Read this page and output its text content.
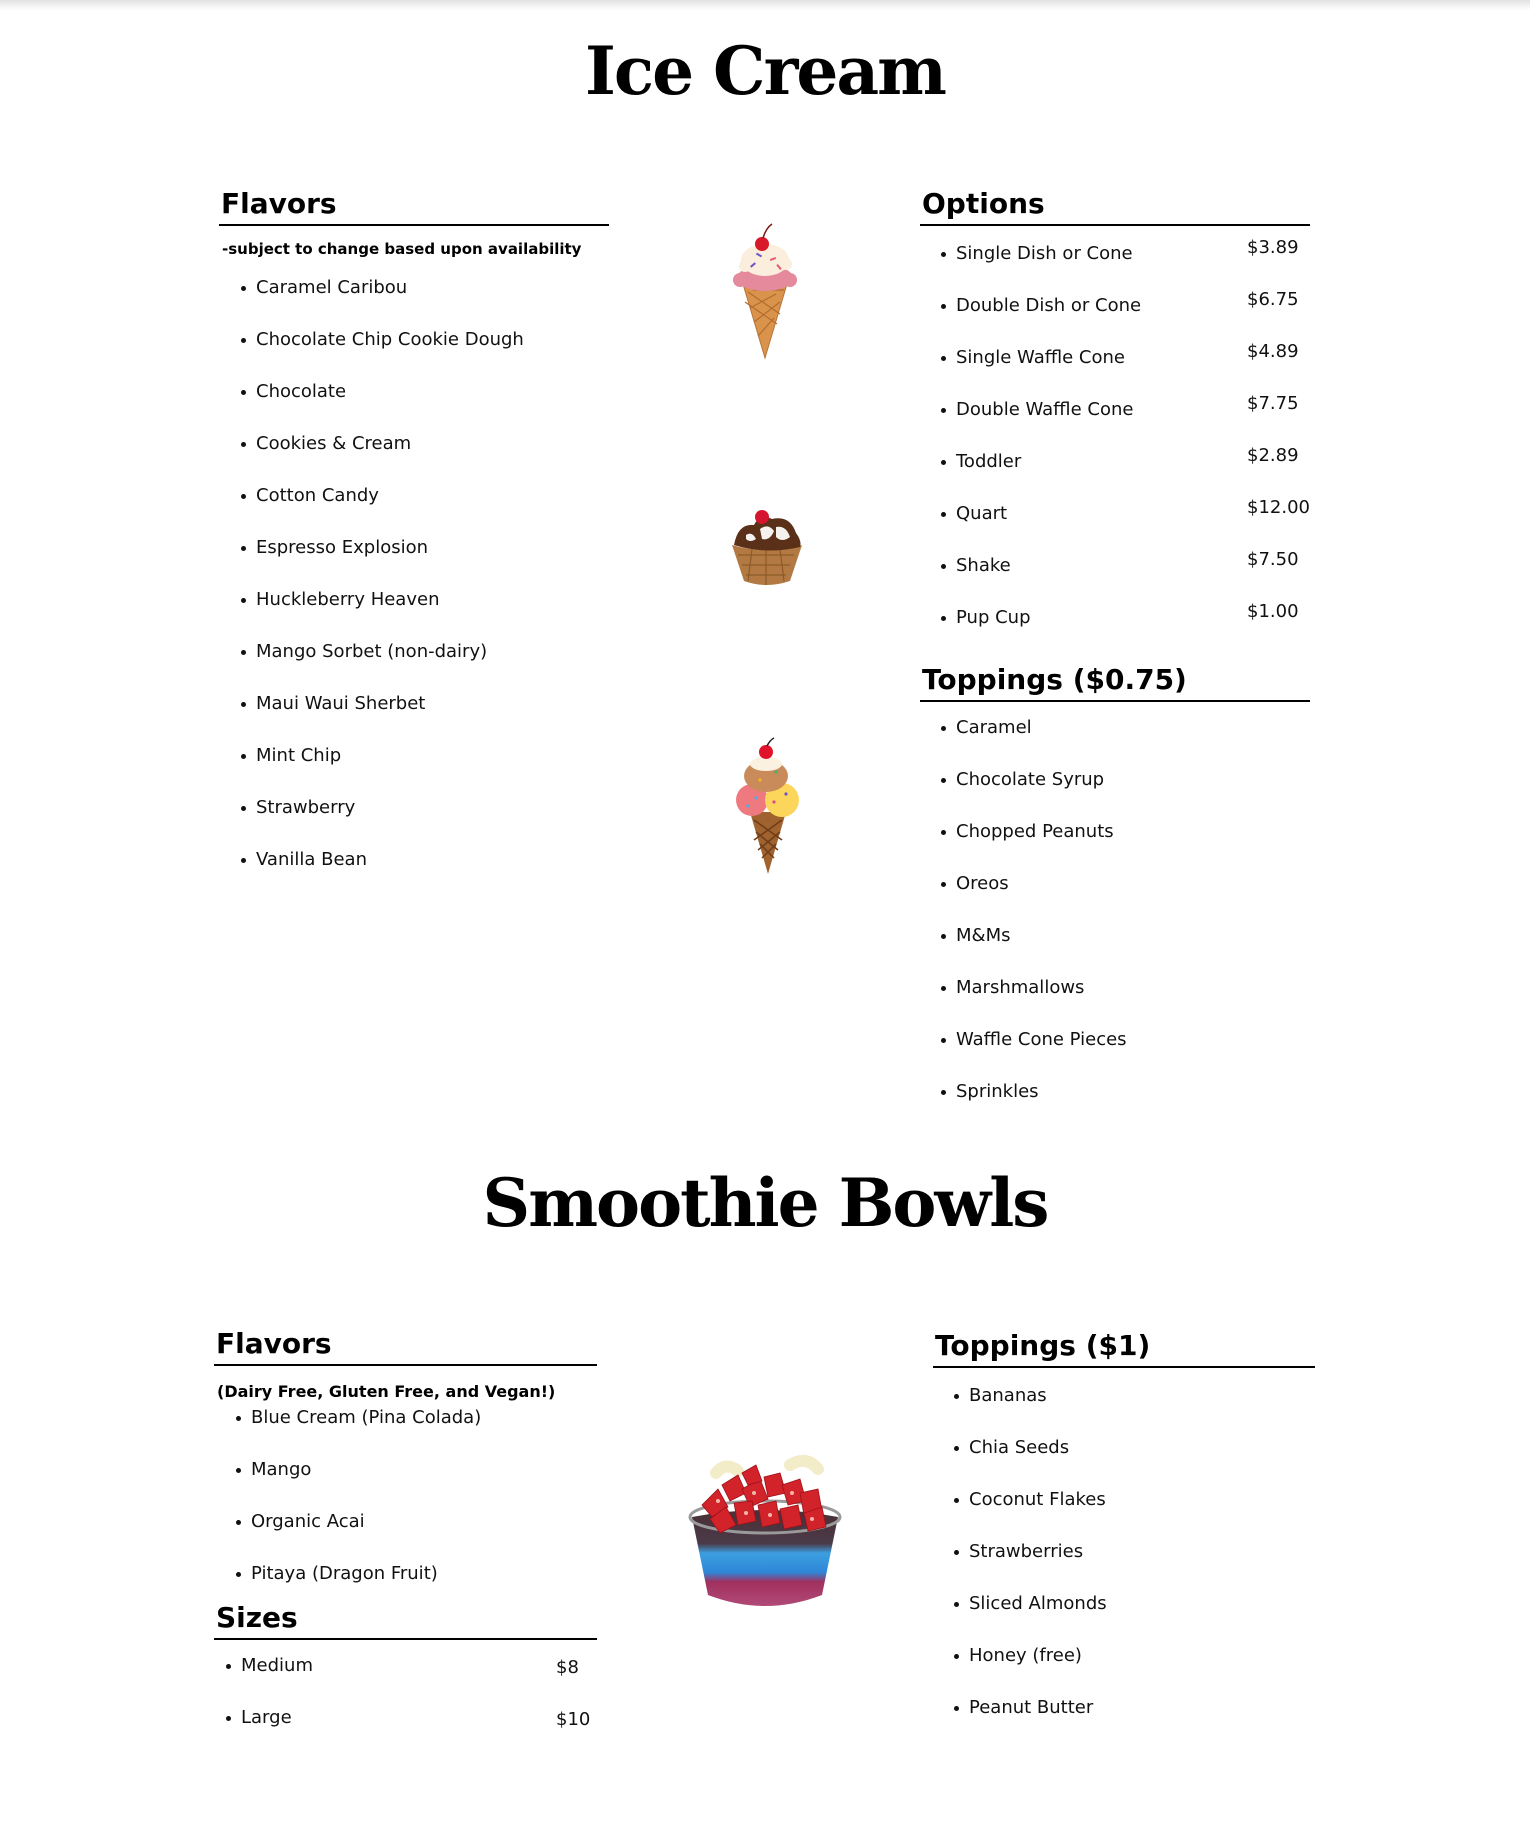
Ice Cream
Flavors

-subject to change based upon availability

Caramel Caribou
Chocolate Chip Cookie Dough
Chocolate
Cookies & Cream
Cotton Candy
Espresso Explosion
Huckleberry Heaven
Mango Sorbet (non-dairy)
Maui Waui Sherbet
Mint Chip
Strawberry
Vanilla Bean
Options
Single Dish or Cone	$3.89
Double Dish or Cone	$6.75
Single Waffle Cone	$4.89
Double Waffle Cone	$7.75
Toddler	$2.89
Quart	$12.00
Shake	$7.50
Pup Cup	$1.00
Toppings ($0.75)
Caramel
Chocolate Syrup
Chopped Peanuts
Oreos
M&Ms
Marshmallows
Waffle Cone Pieces
Sprinkles
Smoothie Bowls
Flavors

(Dairy Free, Gluten Free, and Vegan!)

Blue Cream (Pina Colada)
Mango
Organic Acai
Pitaya (Dragon Fruit)
Sizes
Medium	$8
Large	$10
Toppings ($1)
Bananas
Chia Seeds
Coconut Flakes
Strawberries
Sliced Almonds
Honey (free)
Peanut Butter
